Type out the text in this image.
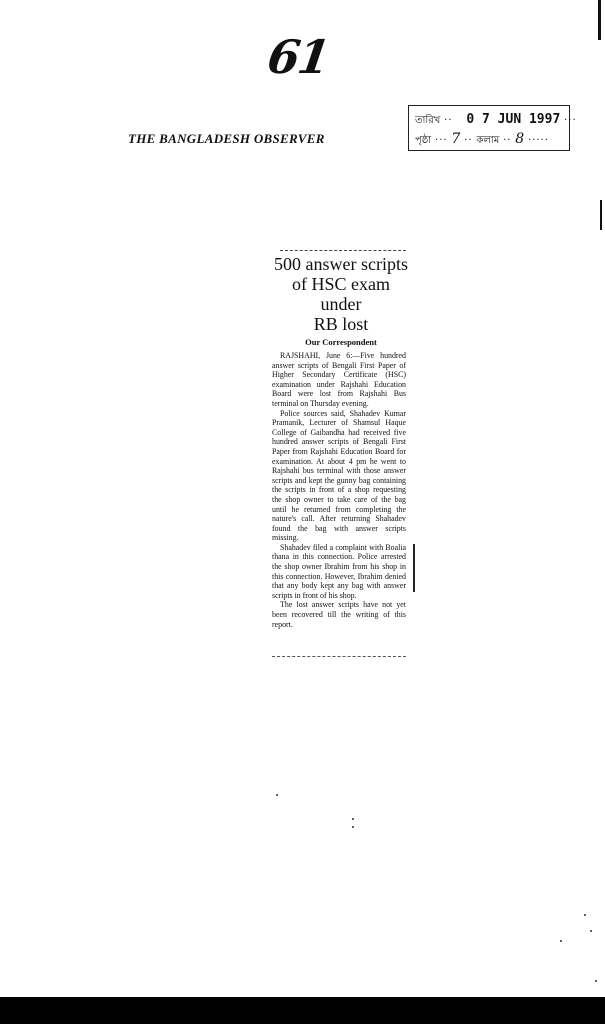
61
THE BANGLADESH OBSERVER
তারিখ ·· 0 7 JUN 1997 ···
পৃষ্ঠা ··· 7 ·· কলাম ·· 8 ·····
500 answer scripts
of HSC exam
under
RB lost
Our Correspondent

RAJSHAHI, June 6:—Five hundred answer scripts of Bengali First Paper of Higher Secondary Certificate (HSC) examination under Rajshahi Education Board were lost from Rajshahi Bus terminal on Thursday evening.

Police sources said, Shahadev Kumar Pramanik, Lecturer of Shamsul Haque College of Gaibandha had received five hundred answer scripts of Bengali First Paper from Rajshahi Education Board for examination. At about 4 pm he went to Rajshahi bus terminal with those answer scripts and kept the gunny bag containing the scripts in front of a shop requesting the shop owner to take care of the bag until he returned from completing the nature's call. After returning Shahadev found the bag with answer scripts missing.

Shahadev filed a complaint with Boalia thana in this connection. Police arrested the shop owner Ibrahim from his shop in this connection. However, Ibrahim denied that any body kept any bag with answer scripts in front of his shop.

The lost answer scripts have not yet been recovered till the writing of this report.
